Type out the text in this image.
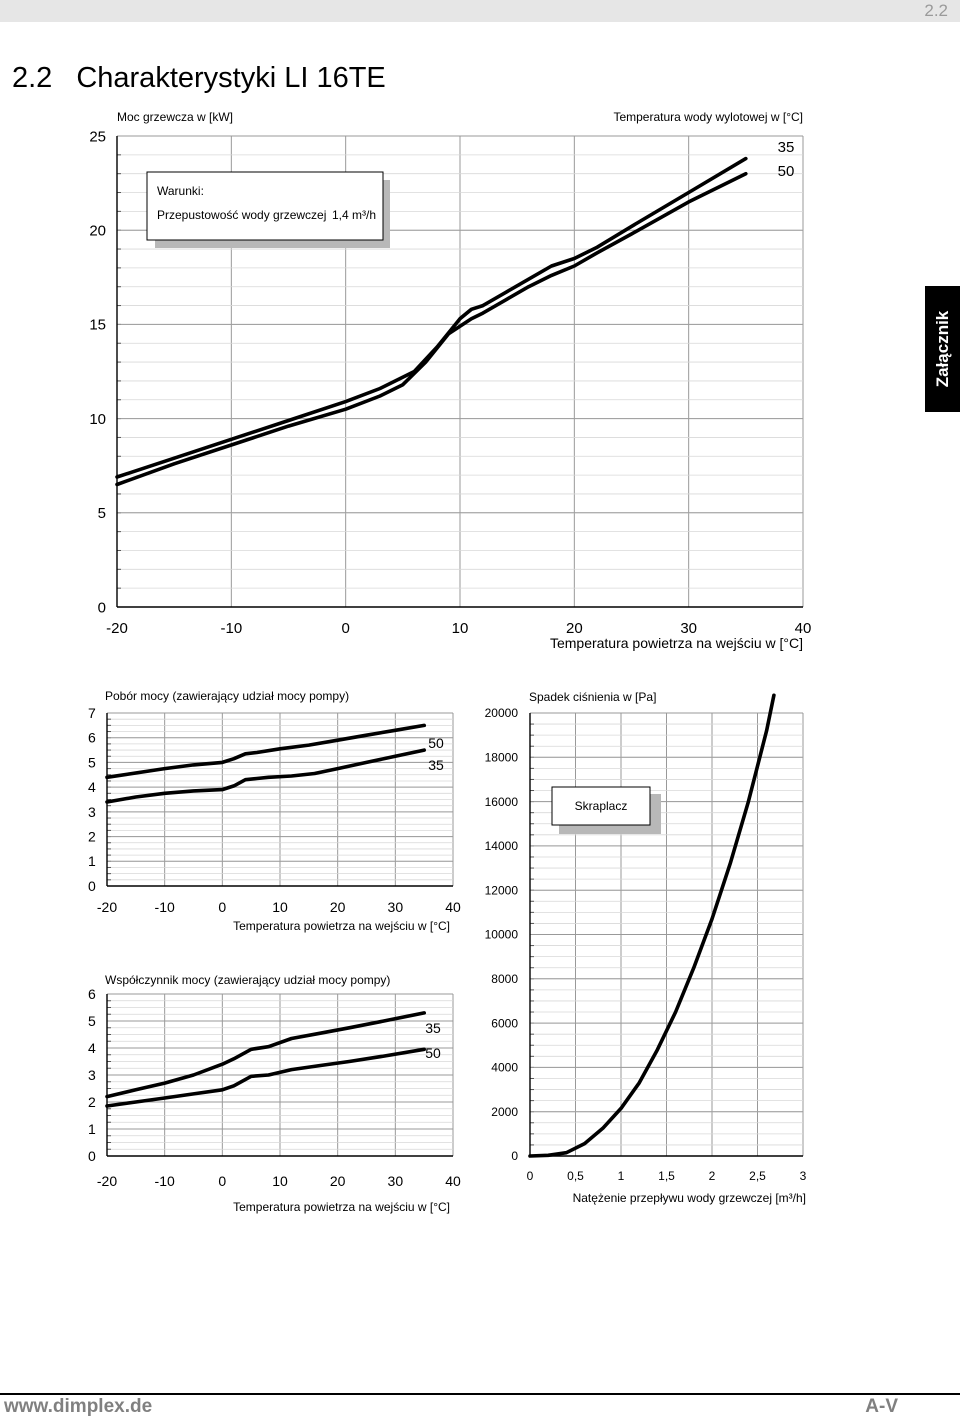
2.2
2.2 Charakterystyki LI 16TE
Załącznik
-20	-10	0	10	20	30	40
0
5
10
15
20
25
Moc grzewcza w [kW]	Temperatura wody wylotowej w [°C]
Temperatura powietrza na wejściu w [°C]
35
50
Warunki:
Przepustowość wody grzewczej 1,4 m³/h
-20	-10	0	10	20	30	40
0
1
2
3
4
5
6
7
Pobór mocy (zawierający udział mocy pompy)
Temperatura powietrza na wejściu w [°C]
50
35
-20	-10	0	10	20	30	40
0
1
2
3
4
5
6
Współczynnik mocy (zawierający udział mocy pompy)
Temperatura powietrza na wejściu w [°C]
35
50
0	0,5	1	1,5	2	2,5	3
0
2000
4000
6000
8000
10000
12000
14000
16000
18000
20000
Spadek ciśnienia w [Pa]
Natężenie przepływu wody grzewczej [m³/h]
Skraplacz
www.dimplex.de	A-V
